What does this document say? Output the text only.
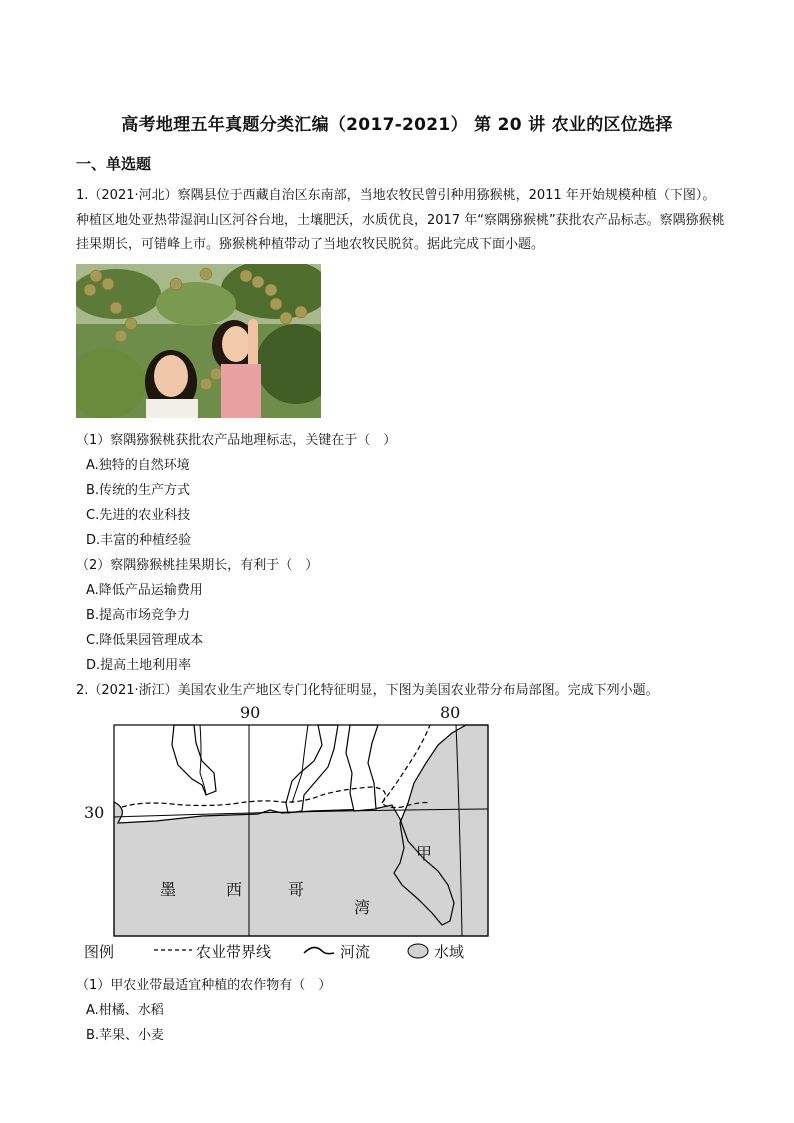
高考地理五年真题分类汇编（2017-2021） 第 20 讲 农业的区位选择
一、单选题
1.（2021·河北）察隅县位于西藏自治区东南部，当地农牧民曾引种用猕猴桃，2011 年开始规模种植（下图）。种植区地处亚热带湿润山区河谷台地，土壤肥沃，水质优良，2017 年“察隅猕猴桃”获批农产品标志。察隅猕猴桃挂果期长，可错峰上市。猕猴桃种植带动了当地农牧民脱贫。据此完成下面小题。
（1）察隅猕猴桃获批农产品地理标志，关键在于（　）
A.独特的自然环境
B.传统的生产方式
C.先进的农业科技
D.丰富的种植经验
（2）察隅猕猴桃挂果期长，有利于（　）
A.降低产品运输费用
B.提高市场竞争力
C.降低果园管理成本
D.提高土地利用率
2.（2021·浙江）美国农业生产地区专门化特征明显，下图为美国农业带分布局部图。完成下列小题。
90	80
30
甲
墨	西	哥
湾
图例	农业带界线	河流	水域
（1）甲农业带最适宜种植的农作物有（　）
A.柑橘、水稻
B.苹果、小麦
